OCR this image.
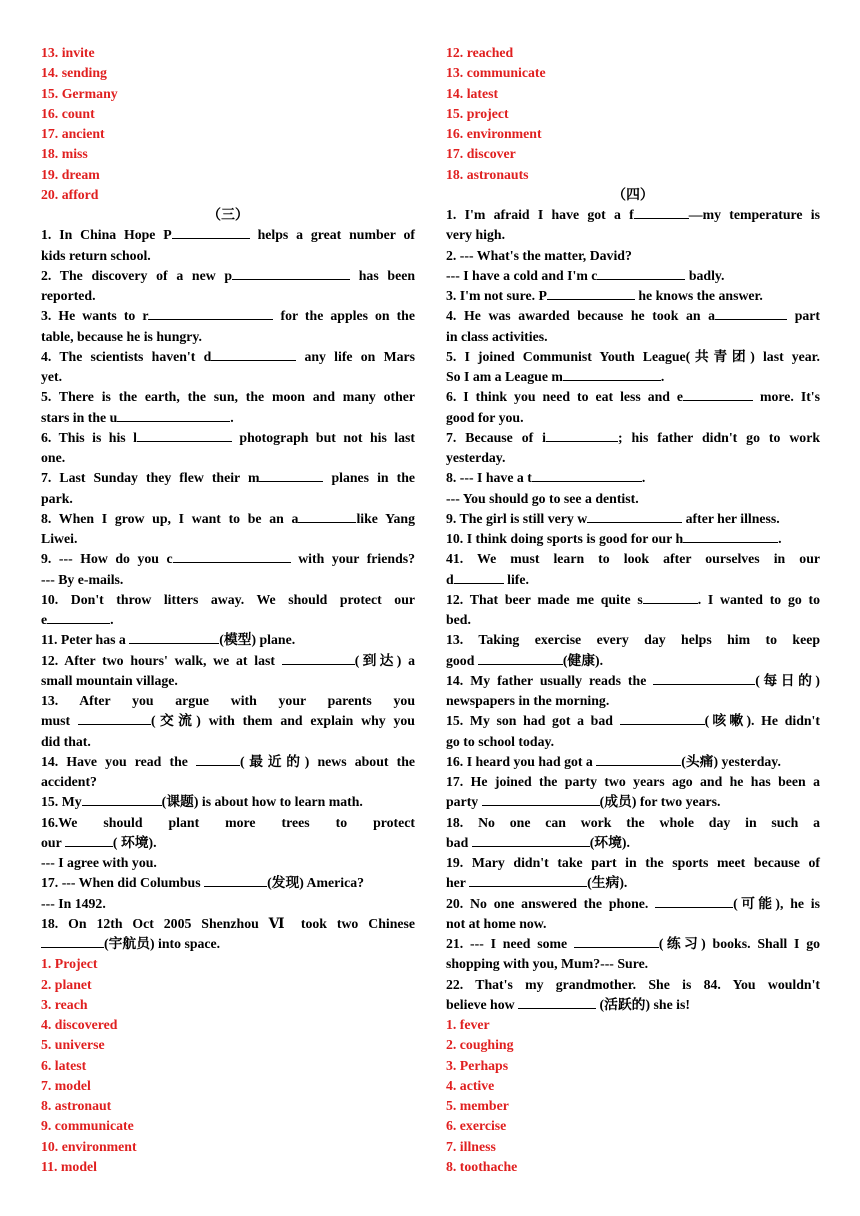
13. invite
14. sending
15. Germany
16. count
17. ancient
18. miss
19. dream
20. afford
（三）
1. In China Hope P	helps a great number of
kids return school.
2. The discovery of a new p	has been
reported.
3. He wants to r	for the apples on the
table, because he is hungry.
4. The scientists haven't d	any life on Mars
yet.
5. There is the earth, the sun, the moon and many other
stars in the u	.
6. This is his l	photograph but not his last
one.
7. Last Sunday they flew their m	planes in the
park.
8. When I grow up, I want to be an a	like Yang
Liwei.
9. --- How do you c	with your friends?
--- By e-mails.
10. Don't throw litters away. We should protect our
e	.
11. Peter has a	(模型) plane.
12. After two hours' walk, we at last	(到达) a
small mountain village.
13. After you argue with your parents you
must	(交流) with them and explain why you
did that.
14. Have you read the	(最近的) news about the
accident?
15. My	(课题) is about how to learn math.
16.We should plant more trees to protect
our	( 环境).
--- I agree with you.
17. --- When did Columbus	(发现) America?
--- In 1492.
18. On 12th Oct 2005 Shenzhou Ⅵ took two Chinese
(宇航员) into space.
1. Project
2. planet
3. reach
4. discovered
5. universe
6. latest
7. model
8. astronaut
9. communicate
10. environment
11. model
12. reached
13. communicate
14. latest
15. project
16. environment
17. discover
18. astronauts
（四）
1. I'm afraid I have got a f	—my temperature is
very high.
2. --- What's the matter, David?
--- I have a cold and I'm c	badly.
3. I'm not sure. P	he knows the answer.
4. He was awarded because he took an a	part
in class activities.
5. I joined Communist Youth League(共青团) last year.
So I am a League m	.
6. I think you need to eat less and e	more. It's
good for you.
7. Because of i	; his father didn't go to work
yesterday.
8. --- I have a t	.
--- You should go to see a dentist.
9. The girl is still very w	after her illness.
10. I think doing sports is good for our h	.
41. We must learn to look after ourselves in our
d	life.
12. That beer made me quite s	. I wanted to go to
bed.
13. Taking exercise every day helps him to keep
good	(健康).
14. My father usually reads the	(每日的)
newspapers in the morning.
15. My son had got a bad	(咳嗽). He didn't
go to school today.
16. I heard you had got a	(头痛) yesterday.
17. He joined the party two years ago and he has been a
party	(成员) for two years.
18. No one can work the whole day in such a
bad	(环境).
19. Mary didn't take part in the sports meet because of
her	(生病).
20. No one answered the phone.	(可能), he is
not at home now.
21. --- I need some	(练习) books. Shall I go
shopping with you, Mum?--- Sure.
22. That's my grandmother. She is 84. You wouldn't
believe how	(活跃的) she is!
1. fever
2. coughing
3. Perhaps
4. active
5. member
6. exercise
7. illness
8. toothache
